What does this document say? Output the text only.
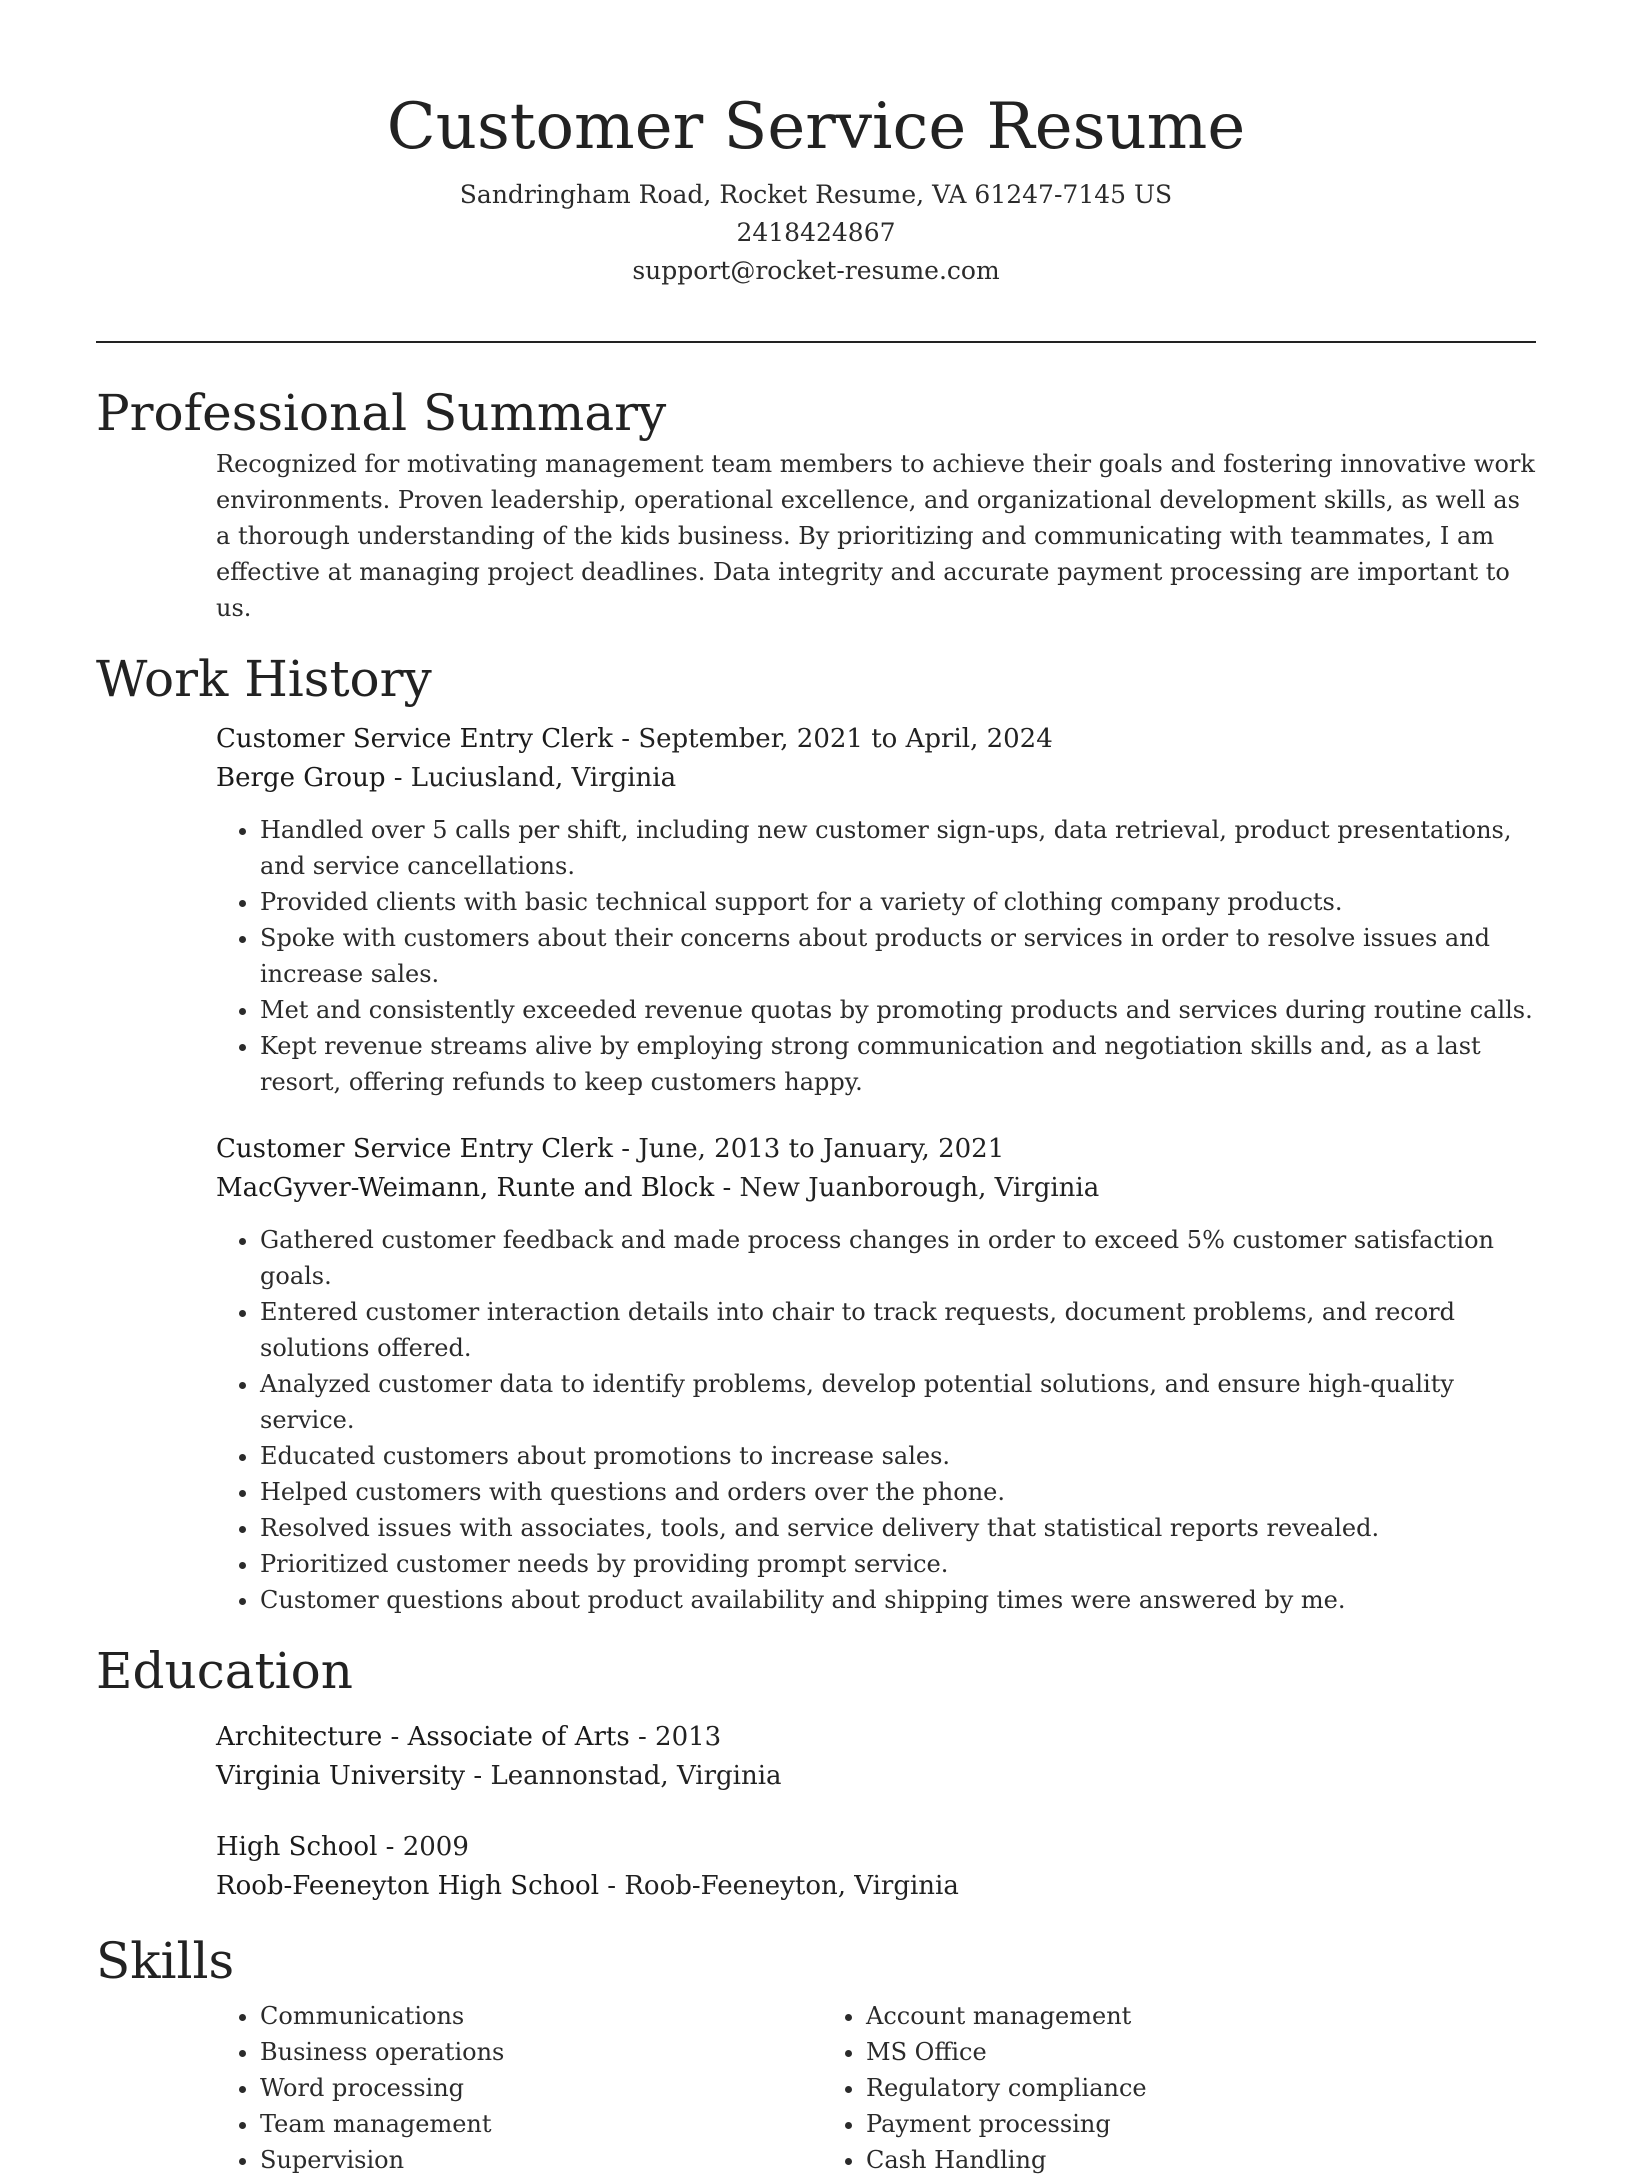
Customer Service Resume
Sandringham Road, Rocket Resume, VA 61247-7145 US
2418424867
support@rocket-resume.com
Professional Summary

Recognized for motivating management team members to achieve their goals and fostering innovative work environments. Proven leadership, operational excellence, and organizational development skills, as well as a thorough understanding of the kids business. By prioritizing and communicating with teammates, I am effective at managing project deadlines. Data integrity and accurate payment processing are important to us.

Work History
Customer Service Entry Clerk - September, 2021 to April, 2024
Berge Group - Luciusland, Virginia
• Handled over 5 calls per shift, including new customer sign-ups, data retrieval, product presentations, and service cancellations.
• Provided clients with basic technical support for a variety of clothing company products.
• Spoke with customers about their concerns about products or services in order to resolve issues and increase sales.
• Met and consistently exceeded revenue quotas by promoting products and services during routine calls.
• Kept revenue streams alive by employing strong communication and negotiation skills and, as a last resort, offering refunds to keep customers happy.
Customer Service Entry Clerk - June, 2013 to January, 2021
MacGyver-Weimann, Runte and Block - New Juanborough, Virginia
• Gathered customer feedback and made process changes in order to exceed 5% customer satisfaction goals.
• Entered customer interaction details into chair to track requests, document problems, and record solutions offered.
• Analyzed customer data to identify problems, develop potential solutions, and ensure high-quality service.
• Educated customers about promotions to increase sales.
• Helped customers with questions and orders over the phone.
• Resolved issues with associates, tools, and service delivery that statistical reports revealed.
• Prioritized customer needs by providing prompt service.
• Customer questions about product availability and shipping times were answered by me.
Education
Architecture - Associate of Arts - 2013
Virginia University - Leannonstad, Virginia
High School - 2009
Roob-Feeneyton High School - Roob-Feeneyton, Virginia
Skills
• Communications
• Business operations
• Word processing
• Team management
• Supervision
• Account management
• MS Office
• Regulatory compliance
• Payment processing
• Cash Handling
